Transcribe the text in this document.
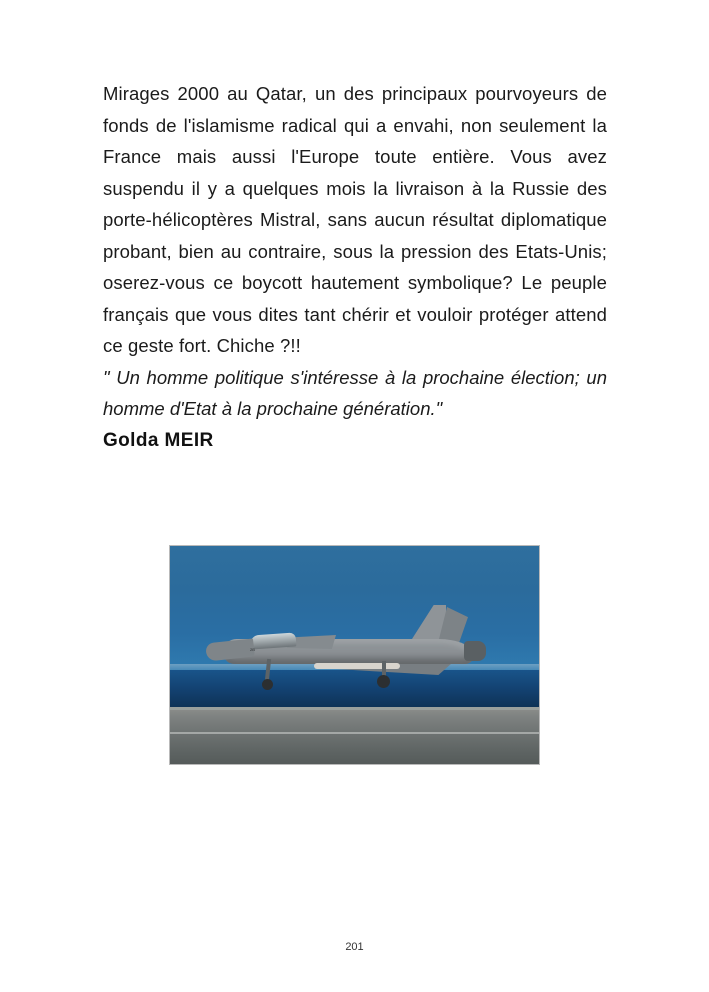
Mirages 2000 au Qatar, un des principaux pourvoyeurs de fonds de l'islamisme radical qui a envahi, non seulement la France mais aussi l'Europe toute entière. Vous avez suspendu il y a quelques mois la livraison à la Russie des porte-hélicoptères Mistral, sans aucun résultat diplomatique probant, bien au contraire, sous la pression des Etats-Unis; oserez-vous ce boycott hautement symbolique? Le peuple français que vous dites tant chérir et vouloir protéger attend ce geste fort. Chiche ?!!

" Un homme politique s'intéresse à la prochaine élection; un homme d'Etat à la prochaine génération."

Golda MEIR

2B
201
